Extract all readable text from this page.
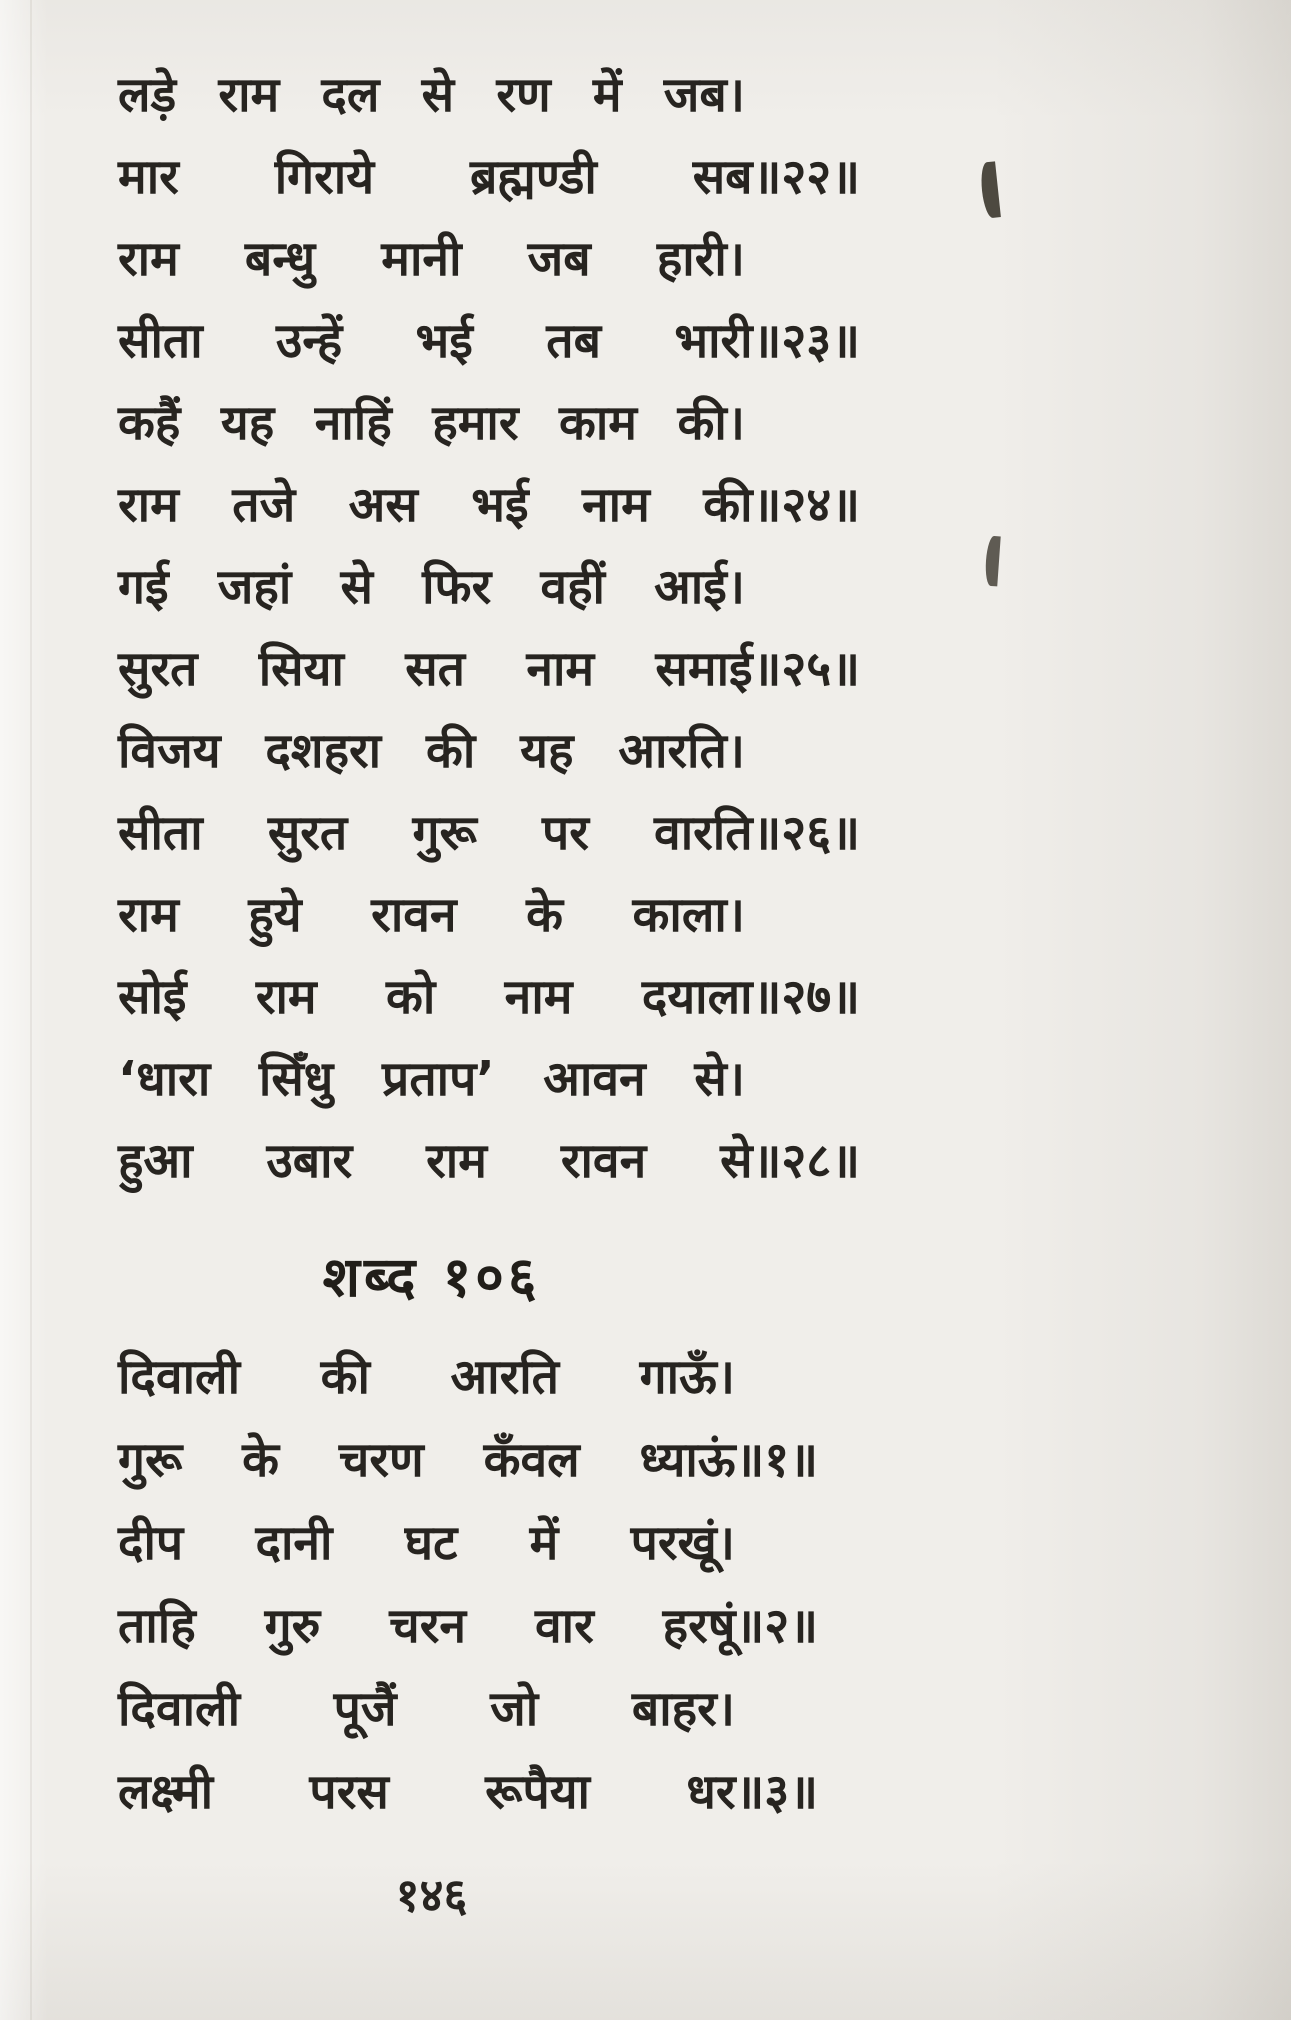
लड़े राम दल से रण में जब।
मार गिराये ब्रह्मण्डी सब॥२२॥
राम बन्धु मानी जब हारी।
सीता उन्हें भई तब भारी॥२३॥
कहैं यह नाहिं हमार काम की।
राम तजे अस भई नाम की॥२४॥
गई जहां से फिर वहीं आई।
सुरत सिया सत नाम समाई॥२५॥
विजय दशहरा की यह आरति।
सीता सुरत गुरू पर वारति॥२६॥
राम हुये रावन के काला।
सोई राम को नाम दयाला॥२७॥
‘धारा सिँधु प्रताप’ आवन से।
हुआ उबार राम रावन से॥२८॥
शब्द १०६
दिवाली की आरति गाऊँ।
गुरू के चरण कँवल ध्याऊं॥१॥
दीप दानी घट में परखूं।
ताहि गुरु चरन वार हरषूं॥२॥
दिवाली पूजैं जो बाहर।
लक्ष्मी परस रूपैया धर॥३॥
१४६
